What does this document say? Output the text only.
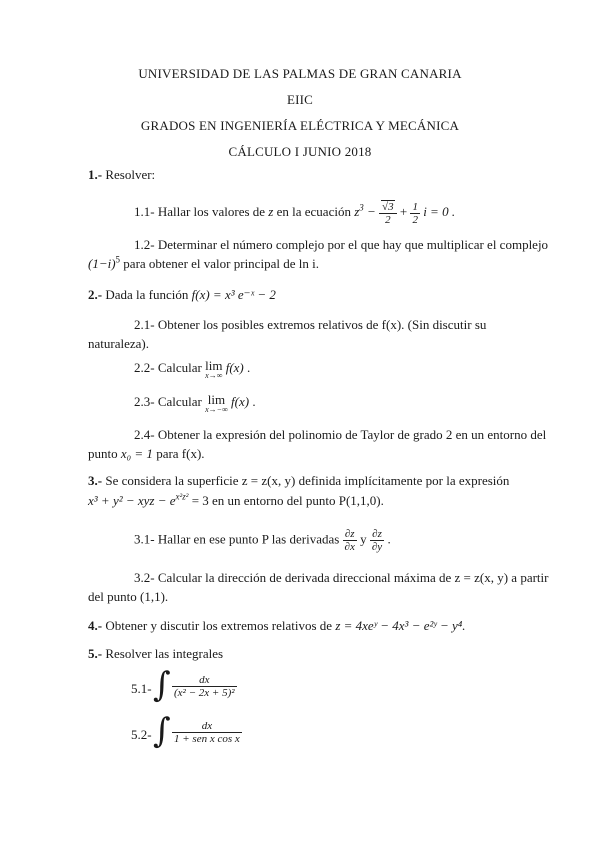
UNIVERSIDAD DE LAS PALMAS DE GRAN CANARIA
EIIC
GRADOS EN INGENIERÍA ELÉCTRICA Y MECÁNICA
CÁLCULO I JUNIO 2018
1.- Resolver:
1.1- Hallar los valores de z en la ecuación $z^3 - \frac{√3}{2} + \frac{1}{2}$ i = 0 .
1.2- Determinar el número complejo por el que hay que multiplicar el complejo
$(1-i)^5$ para obtener el valor principal de ln i.
2.- Dada la función f(x) = x³ e⁻ˣ − 2
2.1- Obtener los posibles extremos relativos de f(x). (Sin discutir su
naturaleza).
2.2- Calcular lim
x→∞
f(x) .
2.3- Calcular lim
x→−∞
f(x) .
2.4- Obtener la expresión del polinomio de Taylor de grado 2 en un entorno del
punto x₀ = 1 para f(x).
3.- Se considera la superficie z = z(x, y) definida implícitamente por la expresión
x³ + y² − xyz − $e^{x^2z^2} = 3$ en un entorno del punto P(1,1,0).
3.1- Hallar en ese punto P las derivadas $\frac{\partial z}{\partial x}$ y $\frac{\partial z}{\partial y}$ .
3.2- Calcular la dirección de derivada direccional máxima de z = z(x, y) a partir
del punto (1,1).
4.- Obtener y discutir los extremos relativos de z = 4xeʸ − 4x³ − e²ʸ − y⁴.
5.- Resolver las integrales
5.1- ∫ $\frac{dx}{\text{(x² − 2x + 5)²}}$
5.2- ∫ $\frac{dx}{\text{1 + sen x cos x}}$
